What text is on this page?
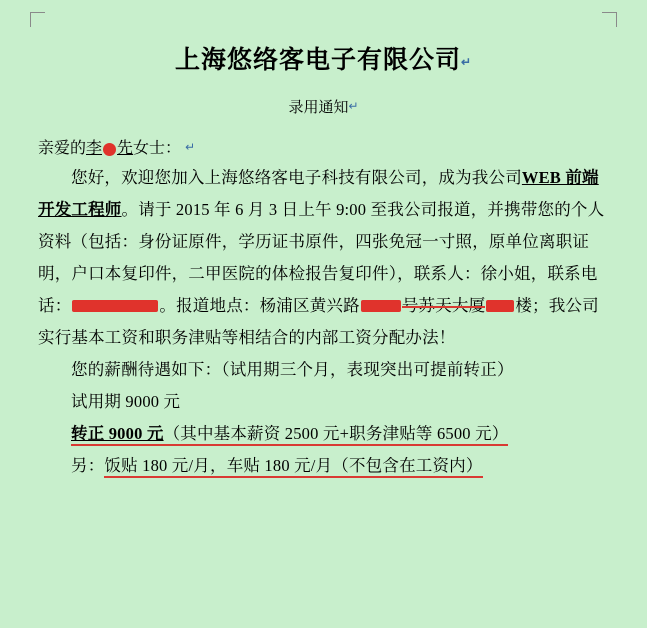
上海悠络客电子有限公司↵
录用通知↵
亲爱的李 先女士： ↵

您好，欢迎您加入上海悠络客电子科技有限公司，成为我公司WEB 前端开发工程师。请于 2015 年 6 月 3 日上午 9:00 至我公司报道，并携带您的个人资料（包括：身份证原件，学历证书原件，四张免冠一寸照，原单位离职证明，户口本复印件，二甲医院的体检报告复印件），联系人：徐小姐，联系电话：	。报道地点：杨浦区黄兴路	号苏天大厦 楼；我公司实行基本工资和职务津贴等相结合的内部工资分配办法！

您的薪酬待遇如下：（试用期三个月，表现突出可提前转正）

试用期 9000 元

转正 9000 元（其中基本薪资 2500 元+职务津贴等 6500 元）

另：饭贴 180 元/月，车贴 180 元/月（不包含在工资内）
